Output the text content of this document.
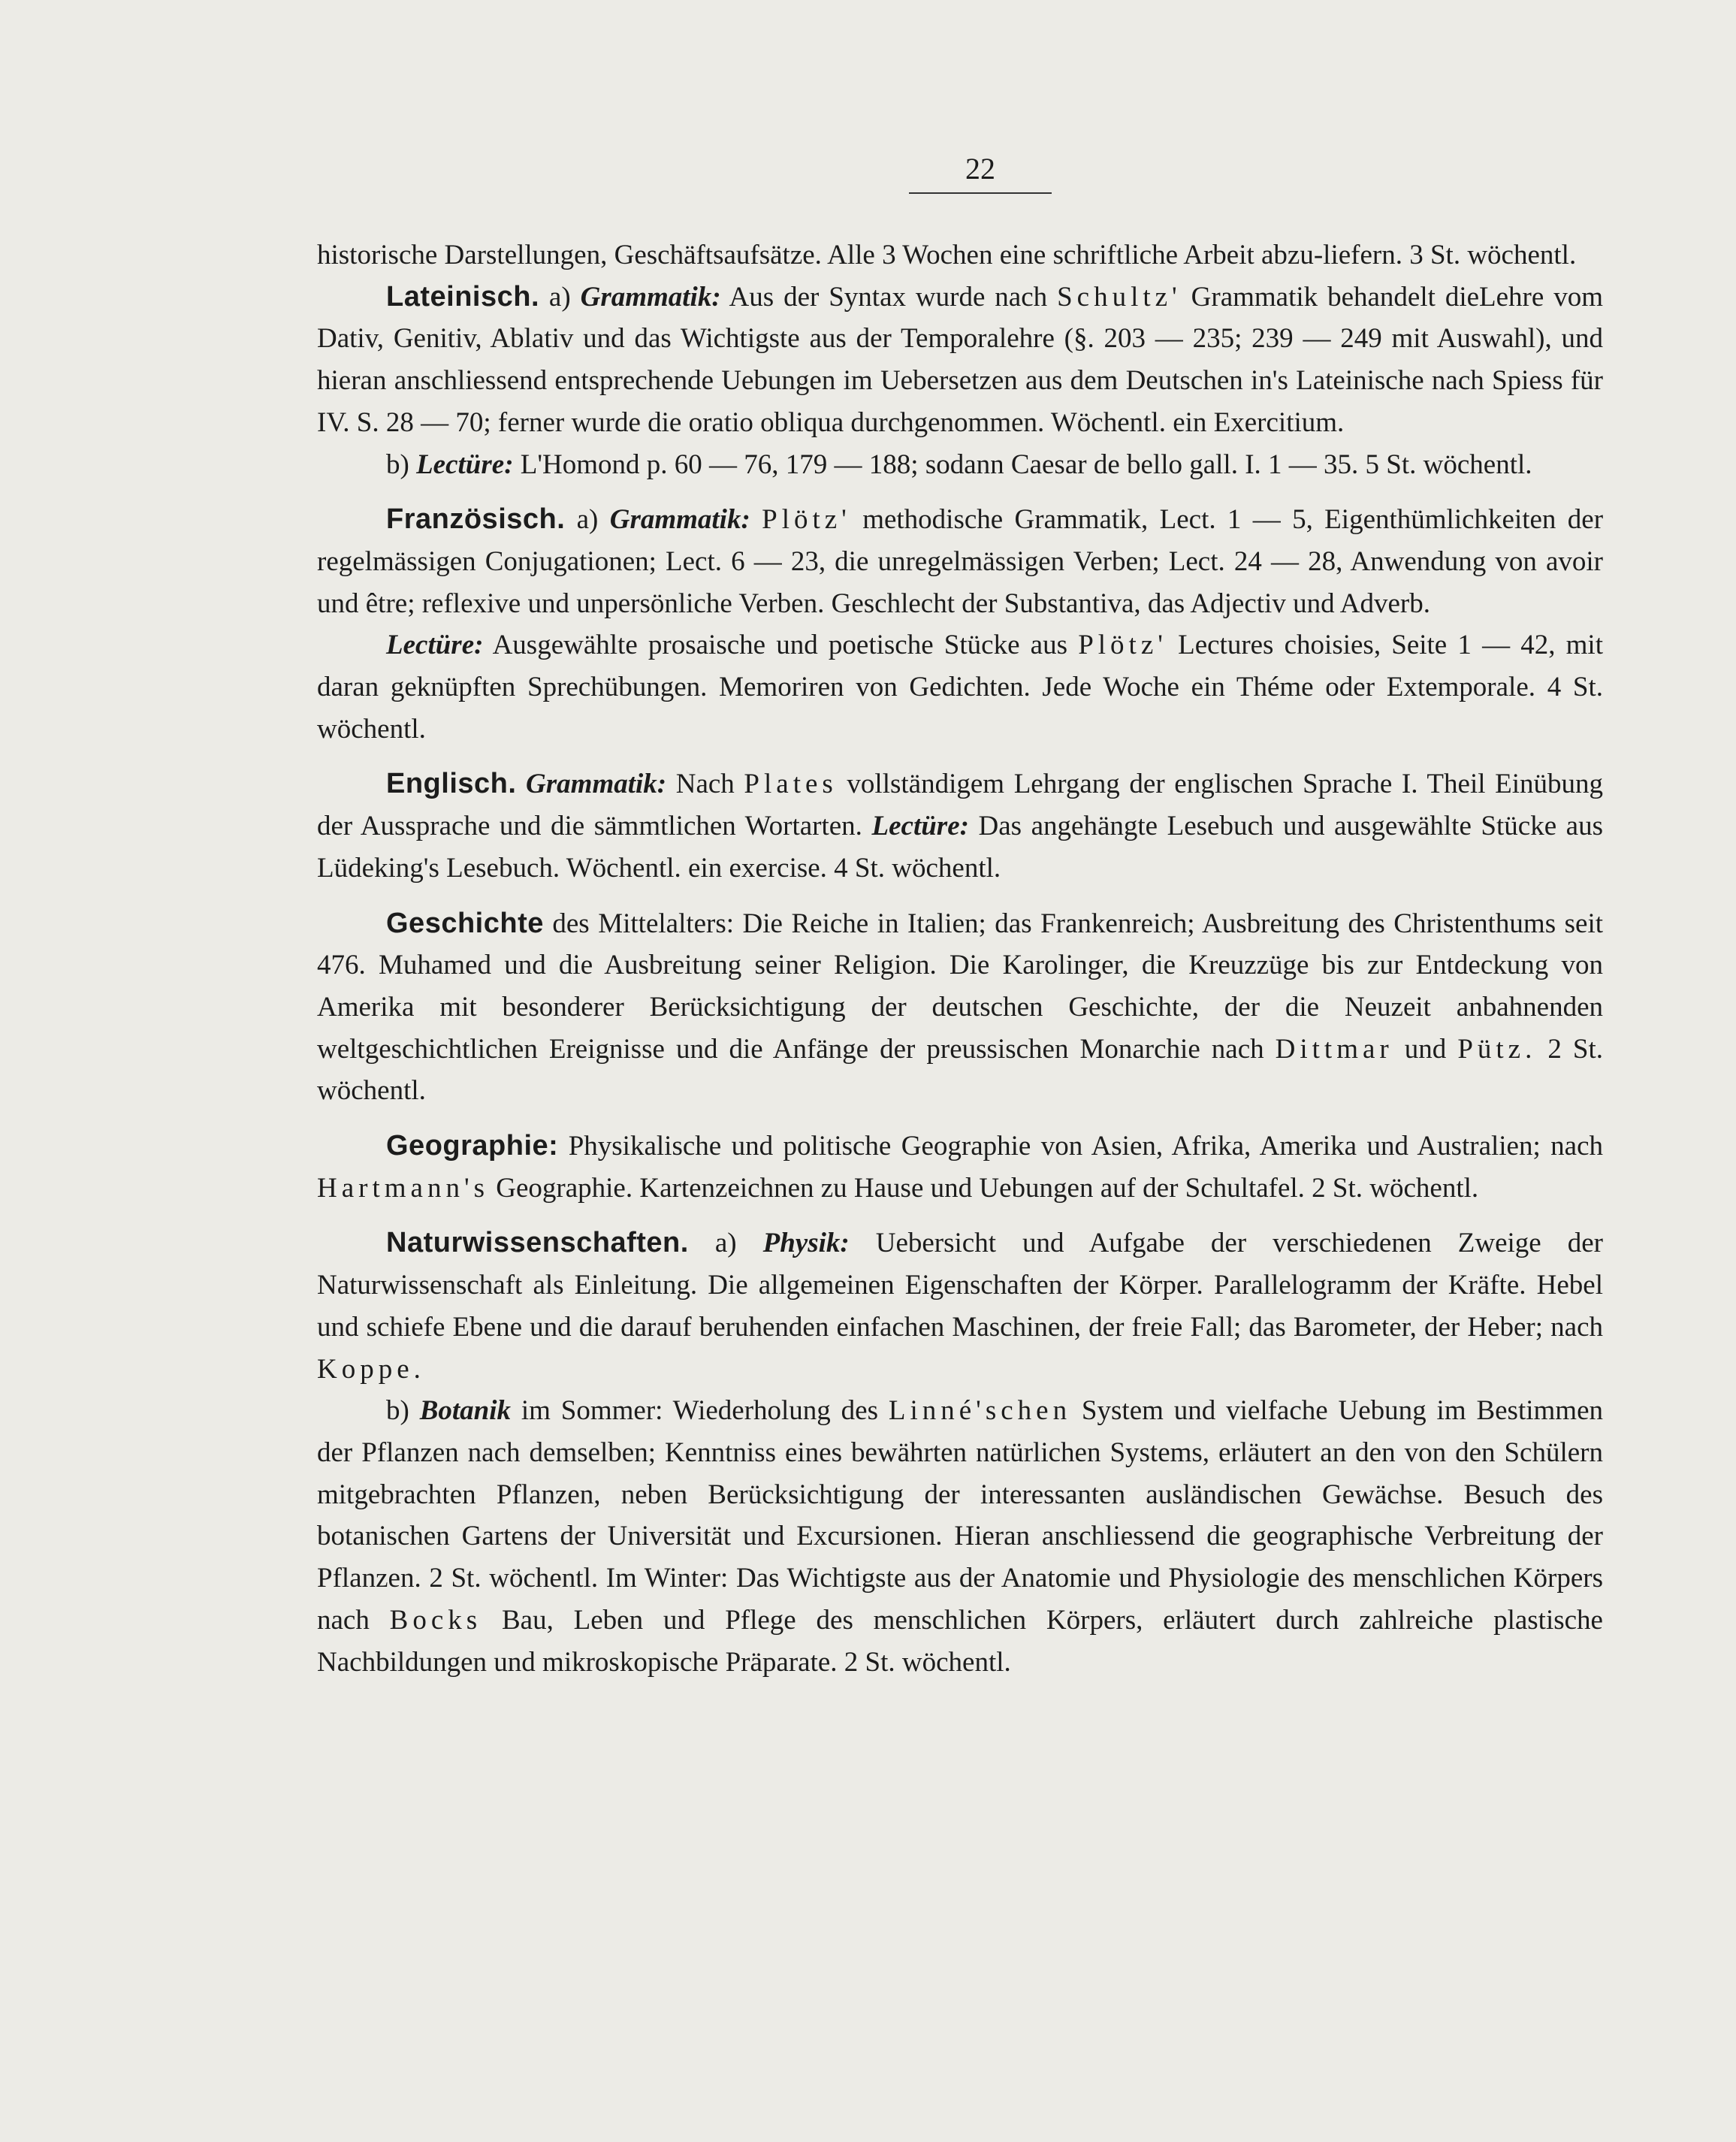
22

historische Darstellungen, Geschäftsaufsätze. Alle 3 Wochen eine schriftliche Arbeit abzu-liefern. 3 St. wöchentl.

Lateinisch. a) Grammatik: Aus der Syntax wurde nach Schultz' Grammatik behandelt dieLehre vom Dativ, Genitiv, Ablativ und das Wichtigste aus der Temporalehre (§. 203 — 235; 239 — 249 mit Auswahl), und hieran anschliessend entsprechende Uebungen im Uebersetzen aus dem Deutschen in's Lateinische nach Spiess für IV. S. 28 — 70; ferner wurde die oratio obliqua durchgenommen. Wöchentl. ein Exercitium.

b) Lectüre: L'Homond p. 60 — 76, 179 — 188; sodann Caesar de bello gall. I. 1 — 35. 5 St. wöchentl.

Französisch. a) Grammatik: Plötz' methodische Grammatik, Lect. 1 — 5, Eigenthümlichkeiten der regelmässigen Conjugationen; Lect. 6 — 23, die unregelmässigen Verben; Lect. 24 — 28, Anwendung von avoir und être; reflexive und unpersönliche Verben. Geschlecht der Substantiva, das Adjectiv und Adverb.

Lectüre: Ausgewählte prosaische und poetische Stücke aus Plötz' Lectures choisies, Seite 1 — 42, mit daran geknüpften Sprechübungen. Memoriren von Gedichten. Jede Woche ein Théme oder Extemporale. 4 St. wöchentl.

Englisch. Grammatik: Nach Plates vollständigem Lehrgang der englischen Sprache I. Theil Einübung der Aussprache und die sämmtlichen Wortarten. Lectüre: Das angehängte Lesebuch und ausgewählte Stücke aus Lüdeking's Lesebuch. Wöchentl. ein exercise. 4 St. wöchentl.

Geschichte des Mittelalters: Die Reiche in Italien; das Frankenreich; Ausbreitung des Christenthums seit 476. Muhamed und die Ausbreitung seiner Religion. Die Karolinger, die Kreuzzüge bis zur Entdeckung von Amerika mit besonderer Berücksichtigung der deutschen Geschichte, der die Neuzeit anbahnenden weltgeschichtlichen Ereignisse und die Anfänge der preussischen Monarchie nach Dittmar und Pütz. 2 St. wöchentl.

Geographie: Physikalische und politische Geographie von Asien, Afrika, Amerika und Australien; nach Hartmann's Geographie. Kartenzeichnen zu Hause und Uebungen auf der Schultafel. 2 St. wöchentl.

Naturwissenschaften. a) Physik: Uebersicht und Aufgabe der verschiedenen Zweige der Naturwissenschaft als Einleitung. Die allgemeinen Eigenschaften der Körper. Parallelogramm der Kräfte. Hebel und schiefe Ebene und die darauf beruhenden einfachen Maschinen, der freie Fall; das Barometer, der Heber; nach Koppe.

b) Botanik im Sommer: Wiederholung des Linné'schen System und vielfache Uebung im Bestimmen der Pflanzen nach demselben; Kenntniss eines bewährten natürlichen Systems, erläutert an den von den Schülern mitgebrachten Pflanzen, neben Berücksichtigung der interessanten ausländischen Gewächse. Besuch des botanischen Gartens der Universität und Excursionen. Hieran anschliessend die geographische Verbreitung der Pflanzen. 2 St. wöchentl. Im Winter: Das Wichtigste aus der Anatomie und Physiologie des menschlichen Körpers nach Bocks Bau, Leben und Pflege des menschlichen Körpers, erläutert durch zahlreiche plastische Nachbildungen und mikroskopische Präparate. 2 St. wöchentl.
